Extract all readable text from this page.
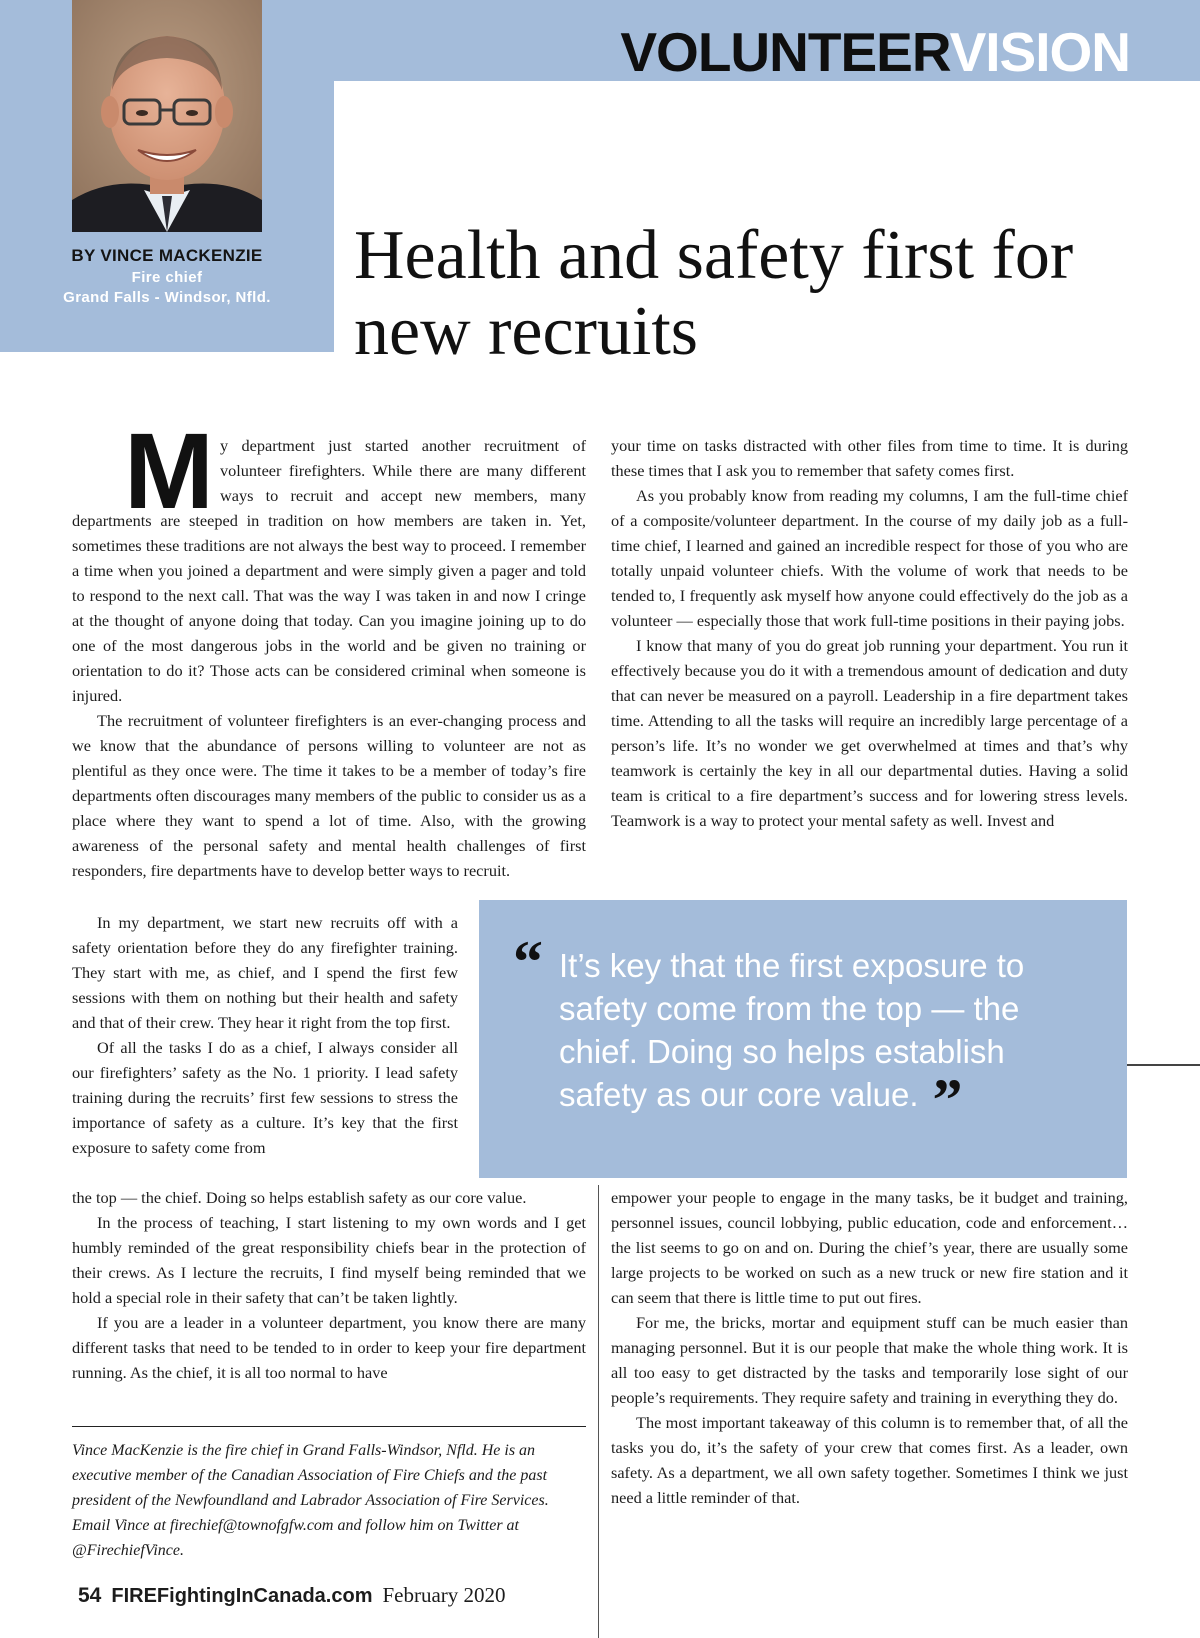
BY VINCE MACKENZIE
Fire chief
Grand Falls - Windsor, Nfld.
VOLUNTEERVISION
Health and safety first for new recruits

My department just started another recruitment of volunteer firefighters. While there are many different ways to recruit and accept new members, many departments are steeped in tradition on how members are taken in. Yet, sometimes these traditions are not always the best way to proceed. I remember a time when you joined a department and were simply given a pager and told to respond to the next call. That was the way I was taken in and now I cringe at the thought of anyone doing that today. Can you imagine joining up to do one of the most dangerous jobs in the world and be given no training or orientation to do it? Those acts can be considered criminal when someone is injured.

The recruitment of volunteer firefighters is an ever-changing process and we know that the abundance of persons willing to volunteer are not as plentiful as they once were. The time it takes to be a member of today’s fire departments often discourages many members of the public to consider us as a place where they want to spend a lot of time. Also, with the growing awareness of the personal safety and mental health challenges of first responders, fire departments have to develop better ways to recruit.

In my department, we start new recruits off with a safety orientation before they do any firefighter training. They start with me, as chief, and I spend the first few sessions with them on nothing but their health and safety and that of their crew. They hear it right from the top first.

Of all the tasks I do as a chief, I always consider all our firefighters’ safety as the No. 1 priority. I lead safety training during the recruits’ first few sessions to stress the importance of safety as a culture. It’s key that the first exposure to safety come from

the top — the chief. Doing so helps establish safety as our core value.

In the process of teaching, I start listening to my own words and I get humbly reminded of the great responsibility chiefs bear in the protection of their crews. As I lecture the recruits, I find myself being reminded that we hold a special role in their safety that can’t be taken lightly.

If you are a leader in a volunteer department, you know there are many different tasks that need to be tended to in order to keep your fire department running. As the chief, it is all too normal to have

your time on tasks distracted with other files from time to time. It is during these times that I ask you to remember that safety comes first.

As you probably know from reading my columns, I am the full-time chief of a composite/volunteer department. In the course of my daily job as a full-time chief, I learned and gained an incredible respect for those of you who are totally unpaid volunteer chiefs. With the volume of work that needs to be tended to, I frequently ask myself how anyone could effectively do the job as a volunteer — especially those that work full-time positions in their paying jobs.

I know that many of you do great job running your department. You run it effectively because you do it with a tremendous amount of dedication and duty that can never be measured on a payroll. Leadership in a fire department takes time. Attending to all the tasks will require an incredibly large percentage of a person’s life. It’s no wonder we get overwhelmed at times and that’s why teamwork is certainly the key in all our departmental duties. Having a solid team is critical to a fire department’s success and for lowering stress levels. Teamwork is a way to protect your mental safety as well. Invest and

“ It’s key that the first exposure to safety come from the top — the chief. Doing so helps establish safety as our core value. ”

empower your people to engage in the many tasks, be it budget and training, personnel issues, council lobbying, public education, code and enforcement… the list seems to go on and on. During the chief’s year, there are usually some large projects to be worked on such as a new truck or new fire station and it can seem that there is little time to put out fires.

For me, the bricks, mortar and equipment stuff can be much easier than managing personnel. But it is our people that make the whole thing work. It is all too easy to get distracted by the tasks and temporarily lose sight of our people’s requirements. They require safety and training in everything they do.

The most important takeaway of this column is to remember that, of all the tasks you do, it’s the safety of your crew that comes first. As a leader, own safety. As a department, we all own safety together. Sometimes I think we just need a little reminder of that.

Vince MacKenzie is the fire chief in Grand Falls-Windsor, Nfld. He is an executive member of the Canadian Association of Fire Chiefs and the past president of the Newfoundland and Labrador Association of Fire Services. Email Vince at firechief@townofgfw.com and follow him on Twitter at @FirechiefVince.
54 FIREFightingInCanada.com February 2020
